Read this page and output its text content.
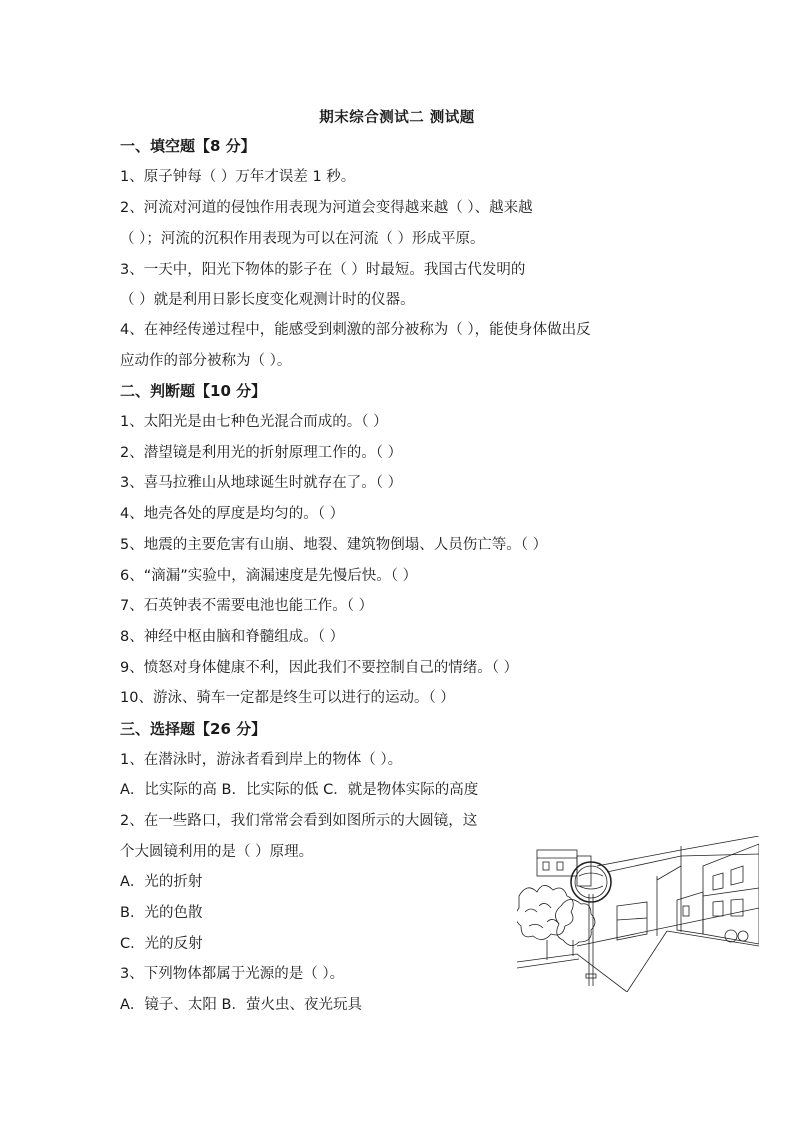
期末综合测试二 测试题
一、填空题【8 分】
1、原子钟每（ ）万年才误差 1 秒。
2、河流对河道的侵蚀作用表现为河道会变得越来越（ ）、越来越
（ ）；河流的沉积作用表现为可以在河流（ ）形成平原。
3、一天中，阳光下物体的影子在（ ）时最短。我国古代发明的
（ ）就是利用日影长度变化观测计时的仪器。
4、在神经传递过程中，能感受到刺激的部分被称为（ ），能使身体做出反
应动作的部分被称为（ ）。
二、判断题【10 分】
1、太阳光是由七种色光混合而成的。（ ）
2、潜望镜是利用光的折射原理工作的。（ ）
3、喜马拉雅山从地球诞生时就存在了。（ ）
4、地壳各处的厚度是均匀的。（ ）
5、地震的主要危害有山崩、地裂、建筑物倒塌、人员伤亡等。（ ）
6、“滴漏”实验中，滴漏速度是先慢后快。（ ）
7、石英钟表不需要电池也能工作。（ ）
8、神经中枢由脑和脊髓组成。（ ）
9、愤怒对身体健康不利，因此我们不要控制自己的情绪。（ ）
10、游泳、骑车一定都是终生可以进行的运动。（ ）
三、选择题【26 分】
1、在潜泳时，游泳者看到岸上的物体（ ）。
A．比实际的高 B．比实际的低 C．就是物体实际的高度
2、在一些路口，我们常常会看到如图所示的大圆镜，这
个大圆镜利用的是（ ）原理。
A．光的折射
B．光的色散
C．光的反射
3、下列物体都属于光源的是（ ）。
A．镜子、太阳 B．萤火虫、夜光玩具
